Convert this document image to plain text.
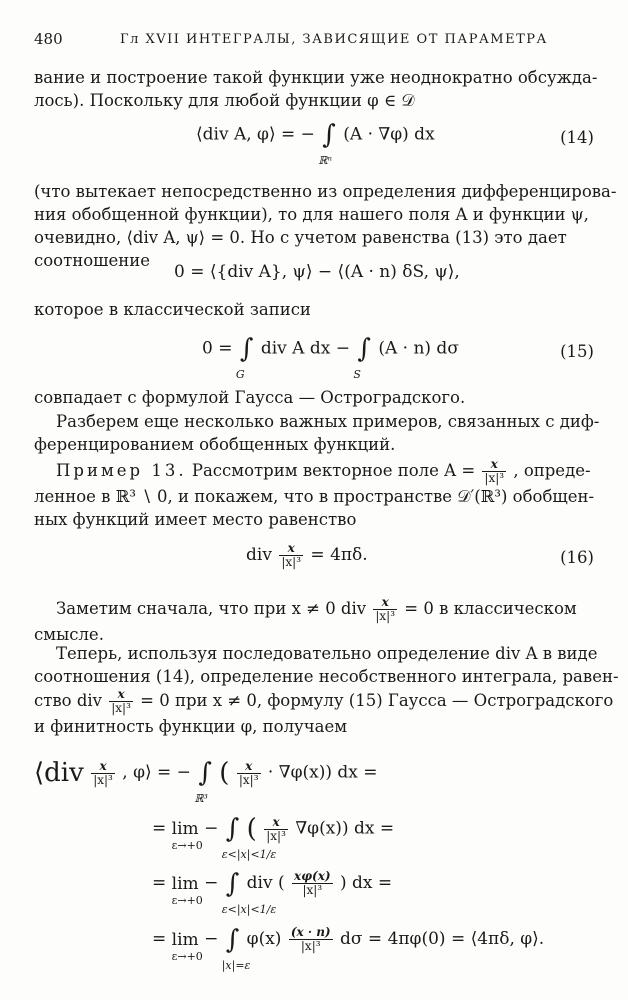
480	Гл XVII ИНТЕГРАЛЫ, ЗАВИСЯЩИЕ ОТ ПАРАМЕТРА
вание и построение такой функции уже неоднократно обсужда-
лось). Поскольку для любой функции φ ∈ 𝒟
⟨div A, φ⟩ = − ∫
ℝⁿ
(A · ∇φ) dx	(14)
(что вытекает непосредственно из определения дифференцирова-
ния обобщенной функции), то для нашего поля A и функции ψ,
очевидно, ⟨div A, ψ⟩ = 0. Но с учетом равенства (13) это дает
соотношение
0 = ⟨{div A}, ψ⟩ − ⟨(A · n) δS, ψ⟩,
которое в классической записи
0 = ∫
G
div A dx − ∫
S
(A · n) dσ	(15)
совпадает с формулой Гаусса — Остроградского.
Разберем еще несколько важных примеров, связанных с диф-
ференцированием обобщенных функций.
Пример 13. Рассмотрим векторное поле $A = \frac{x}{\text{|x|³}}$ , опреде-
ленное в ℝ³ ∖ 0, и покажем, что в пространстве 𝒟′(ℝ³) обобщен-
ных функций имеет место равенство
div $\frac{x}{\text{|x|³}} = 4\pi\delta$.	(16)
Заметим сначала, что при x ≠ 0 div $\frac{x}{\text{|x|³}} = 0$ в классическом
смысле.
Теперь, используя последовательно определение div A в виде
соотношения (14), определение несобственного интеграла, равен-
ство div $\frac{x}{\text{|x|³}} = 0$ при x ≠ 0, формулу (15) Гаусса — Остроградского
и финитность функции φ, получаем
⟨div $\frac{x}{\text{|x|³}}$ , φ⟩ = − ∫
ℝ³
( $\frac{x}{\text{|x|³}} \cdot \nabla\varphi(x)$) dx =
= lim
ε→+0
− ∫
ε<|x|<1/ε
( $\frac{x}{\text{|x|³}} \nabla\varphi(x)$) dx =
= lim
ε→+0
− ∫
ε<|x|<1/ε
div ( $\frac{x\varphi(x)}{\text{|x|³}}$ ) dx =
= lim
ε→+0
− ∫
|x|=ε
$\varphi(x) \frac{(x \cdot n)}{\text{|x|³}}$ dσ = 4πφ(0) = ⟨4πδ, φ⟩.
